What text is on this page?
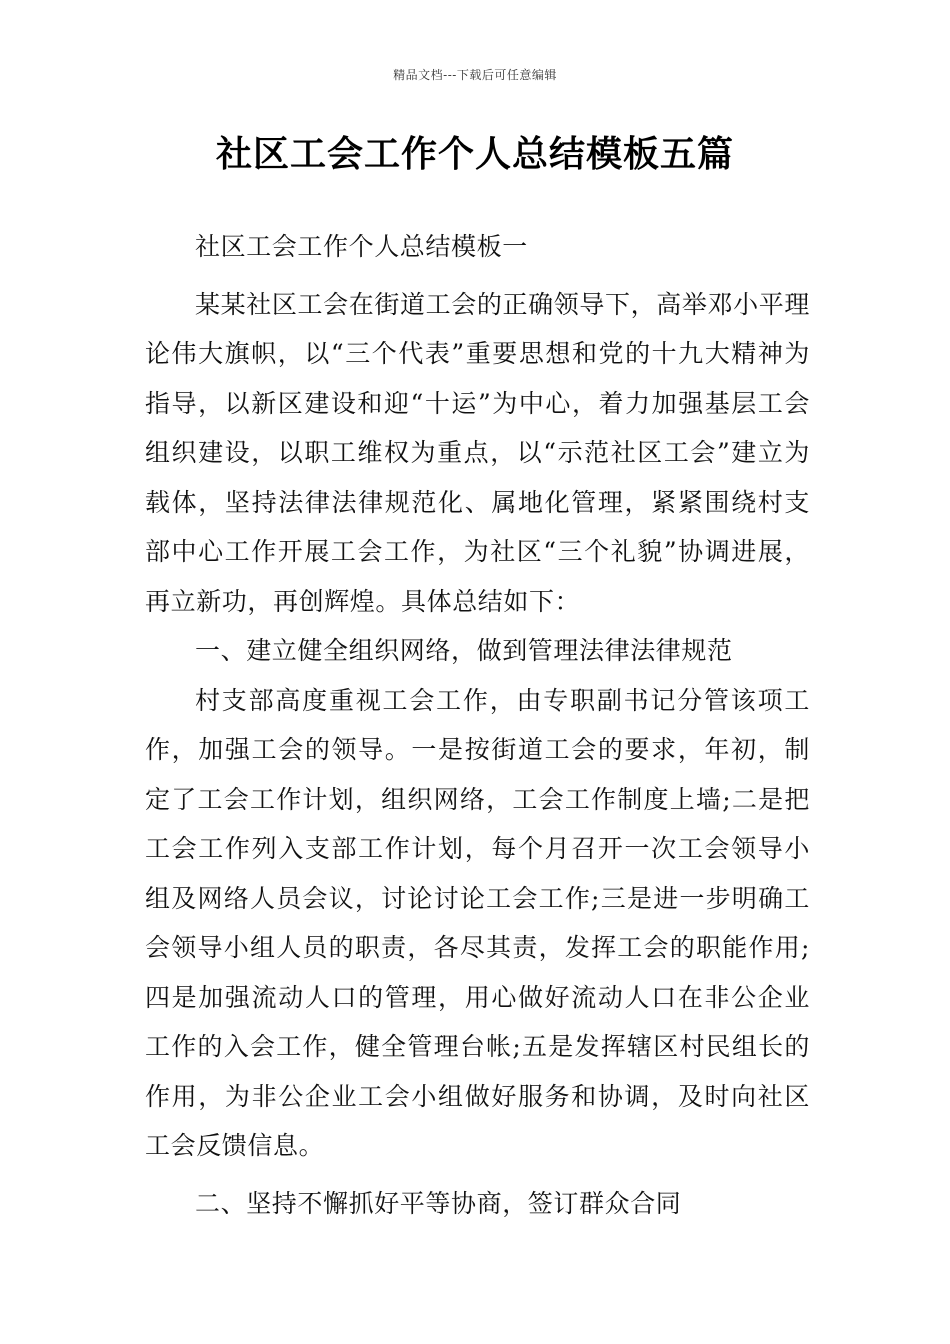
精品文档---下载后可任意编辑
社区工会工作个人总结模板五篇

社区工会工作个人总结模板一

某某社区工会在街道工会的正确领导下，高举邓小平理论伟大旗帜，以“三个代表”重要思想和党的十九大精神为指导，以新区建设和迎“十运”为中心，着力加强基层工会组织建设，以职工维权为重点，以“示范社区工会”建立为载体，坚持法律法律规范化、属地化管理，紧紧围绕村支部中心工作开展工会工作，为社区“三个礼貌”协调进展，再立新功，再创辉煌。具体总结如下：

一、建立健全组织网络，做到管理法律法律规范

村支部高度重视工会工作，由专职副书记分管该项工作，加强工会的领导。一是按街道工会的要求，年初，制定了工会工作计划，组织网络，工会工作制度上墙;二是把工会工作列入支部工作计划，每个月召开一次工会领导小组及网络人员会议，讨论讨论工会工作;三是进一步明确工会领导小组人员的职责，各尽其责，发挥工会的职能作用;四是加强流动人口的管理，用心做好流动人口在非公企业工作的入会工作，健全管理台帐;五是发挥辖区村民组长的作用，为非公企业工会小组做好服务和协调，及时向社区工会反馈信息。

二、坚持不懈抓好平等协商，签订群众合同
